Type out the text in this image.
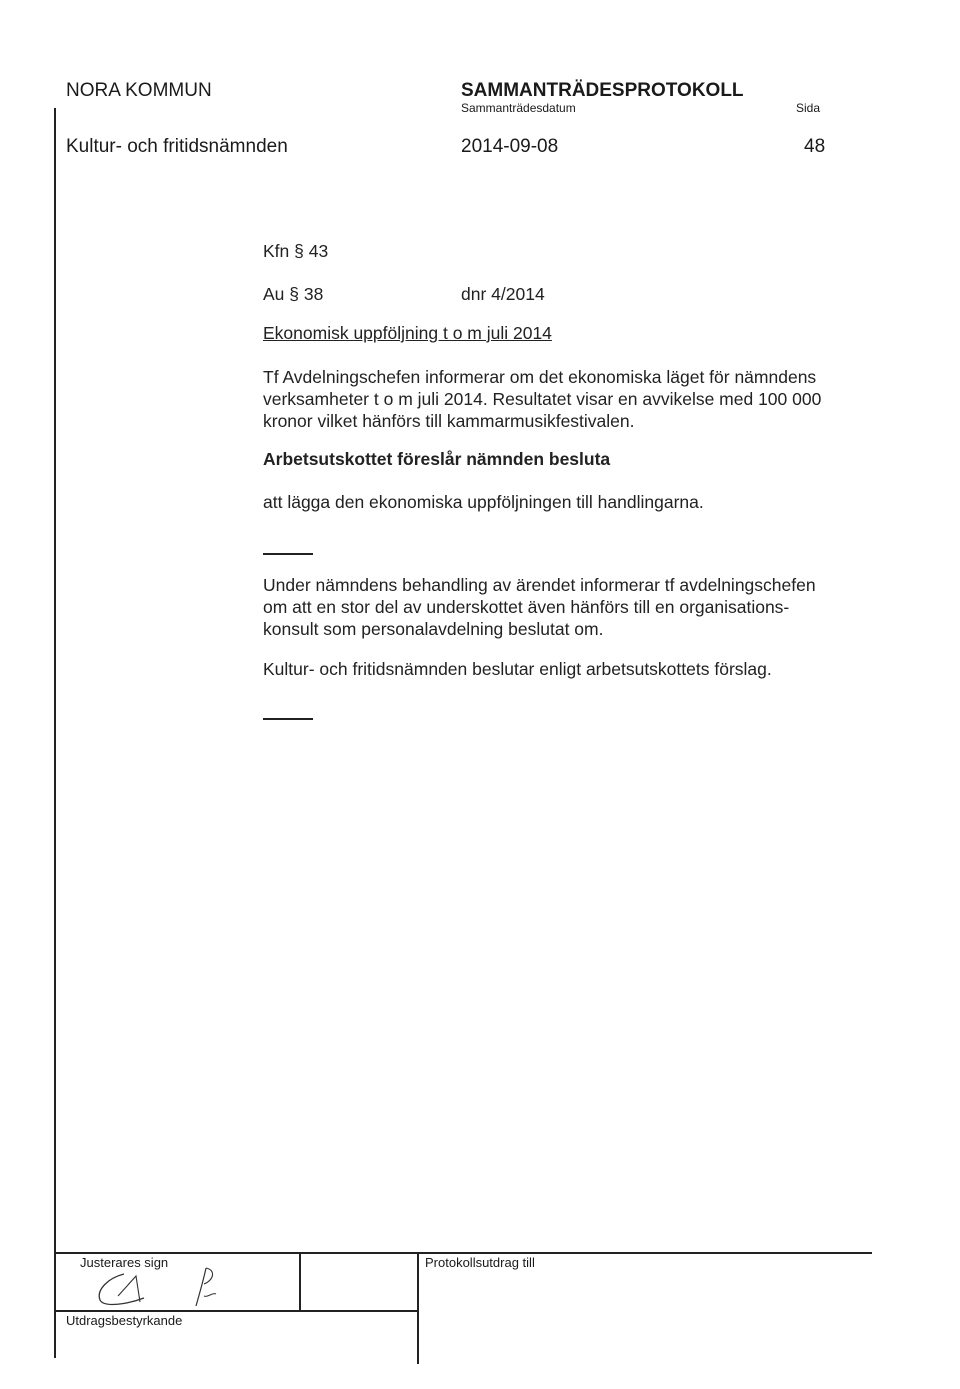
NORA KOMMUN	SAMMANTRÄDESPROTOKOLL
Sammanträdesdatum	Sida
Kultur- och fritidsnämnden	2014-09-08	48
Kfn § 43
Au § 38	dnr 4/2014
Ekonomisk uppföljning t o m juli 2014
Tf Avdelningschefen informerar om det ekonomiska läget för nämndens
verksamheter t o m juli 2014. Resultatet visar en avvikelse med 100 000
kronor vilket hänförs till kammarmusikfestivalen.
Arbetsutskottet föreslår nämnden besluta
att lägga den ekonomiska uppföljningen till handlingarna.
Under nämndens behandling av ärendet informerar tf avdelningschefen
om att en stor del av underskottet även hänförs till en organisations-
konsult som personalavdelning beslutat om.
Kultur- och fritidsnämnden beslutar enligt arbetsutskottets förslag.
Justerares sign	Protokollsutdrag till
Utdragsbestyrkande
